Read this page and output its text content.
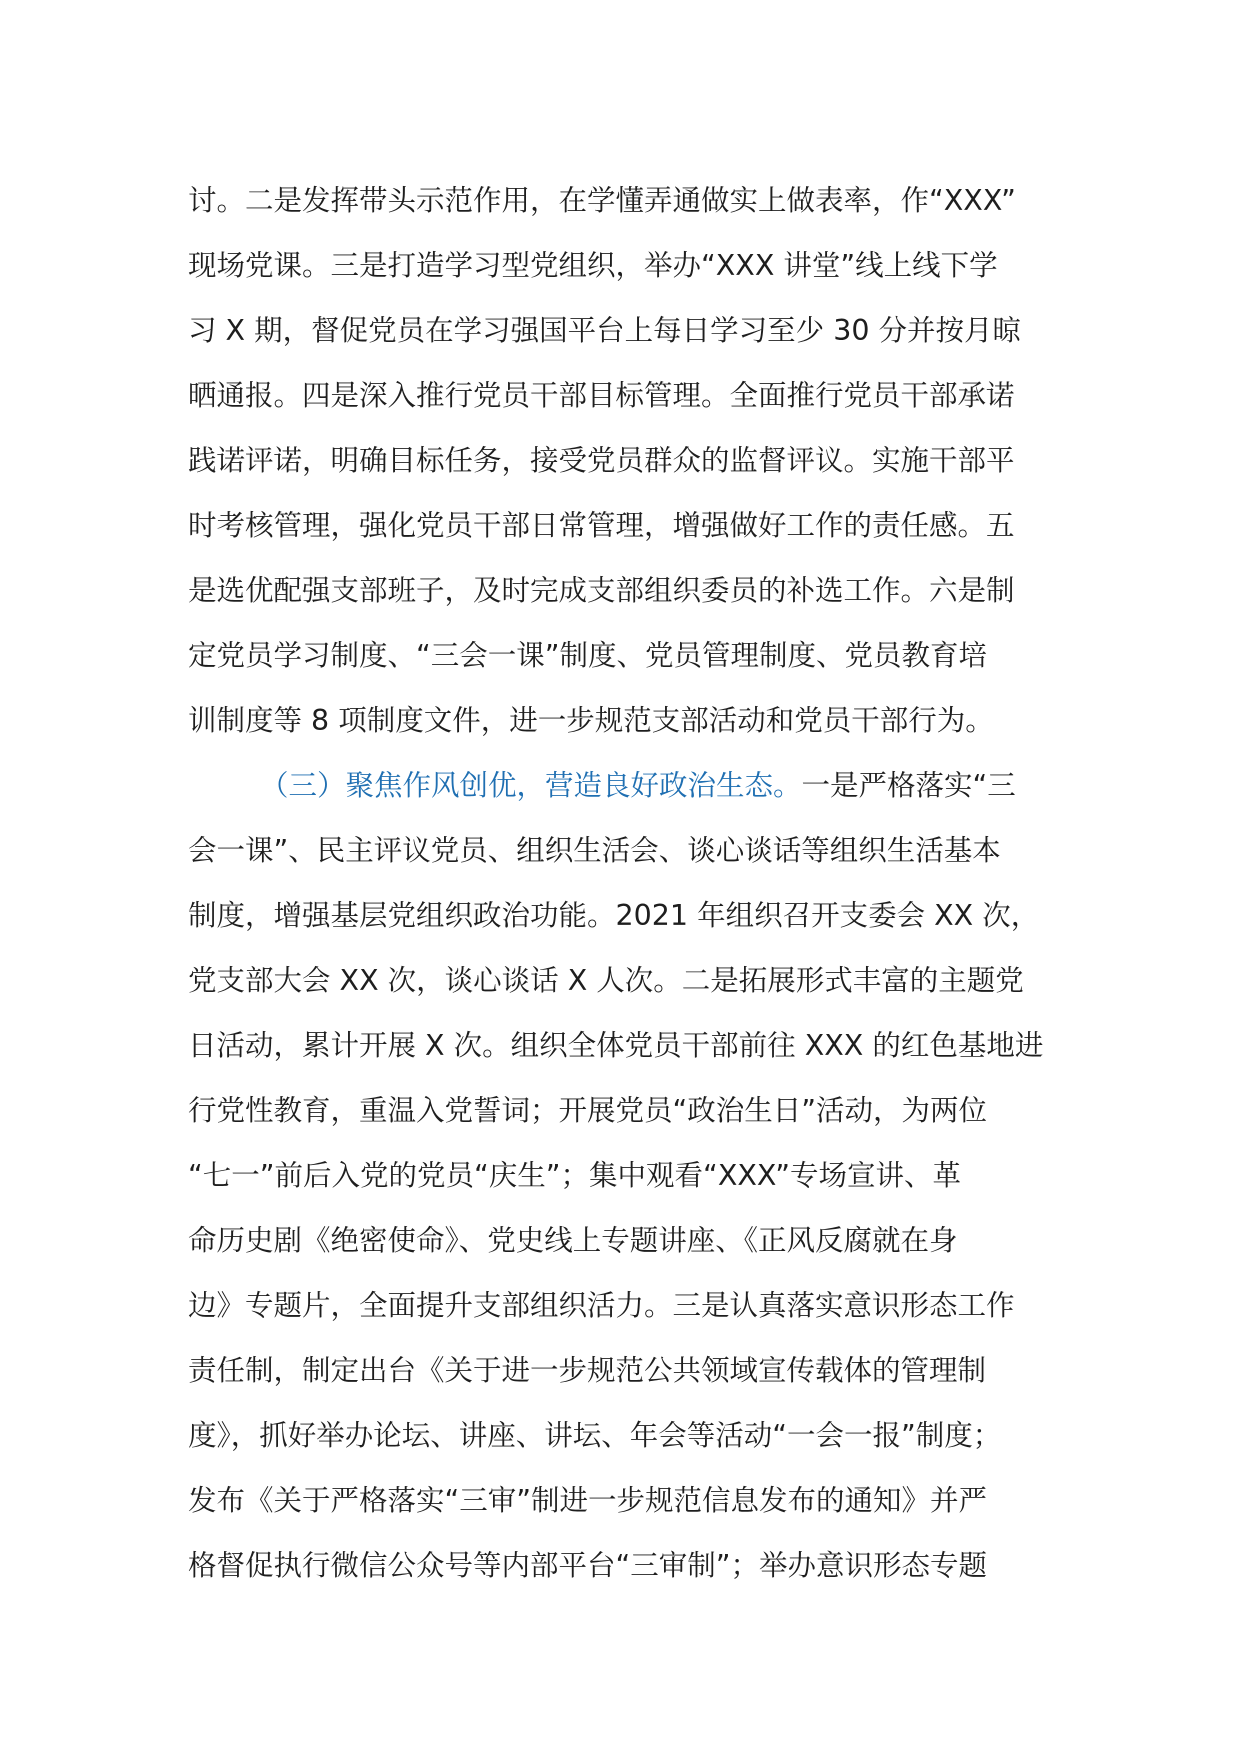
讨。二是发挥带头示范作用，在学懂弄通做实上做表率，作“XXX”
现场党课。三是打造学习型党组织，举办“XXX 讲堂”线上线下学
习 X 期，督促党员在学习强国平台上每日学习至少 30 分并按月晾
晒通报。四是深入推行党员干部目标管理。全面推行党员干部承诺
践诺评诺，明确目标任务，接受党员群众的监督评议。实施干部平
时考核管理，强化党员干部日常管理，增强做好工作的责任感。五
是选优配强支部班子，及时完成支部组织委员的补选工作。六是制
定党员学习制度、“三会一课”制度、党员管理制度、党员教育培
训制度等 8 项制度文件，进一步规范支部活动和党员干部行为。
（三）聚焦作风创优，营造良好政治生态。一是严格落实“三
会一课”、民主评议党员、组织生活会、谈心谈话等组织生活基本
制度，增强基层党组织政治功能。2021 年组织召开支委会 XX 次，
党支部大会 XX 次，谈心谈话 X 人次。二是拓展形式丰富的主题党
日活动，累计开展 X 次。组织全体党员干部前往 XXX 的红色基地进
行党性教育，重温入党誓词；开展党员“政治生日”活动，为两位
“七一”前后入党的党员“庆生”；集中观看“XXX”专场宣讲、革
命历史剧《绝密使命》、党史线上专题讲座、《正风反腐就在身
边》专题片，全面提升支部组织活力。三是认真落实意识形态工作
责任制，制定出台《关于进一步规范公共领域宣传载体的管理制
度》，抓好举办论坛、讲座、讲坛、年会等活动“一会一报”制度；
发布《关于严格落实“三审”制进一步规范信息发布的通知》并严
格督促执行微信公众号等内部平台“三审制”；举办意识形态专题
